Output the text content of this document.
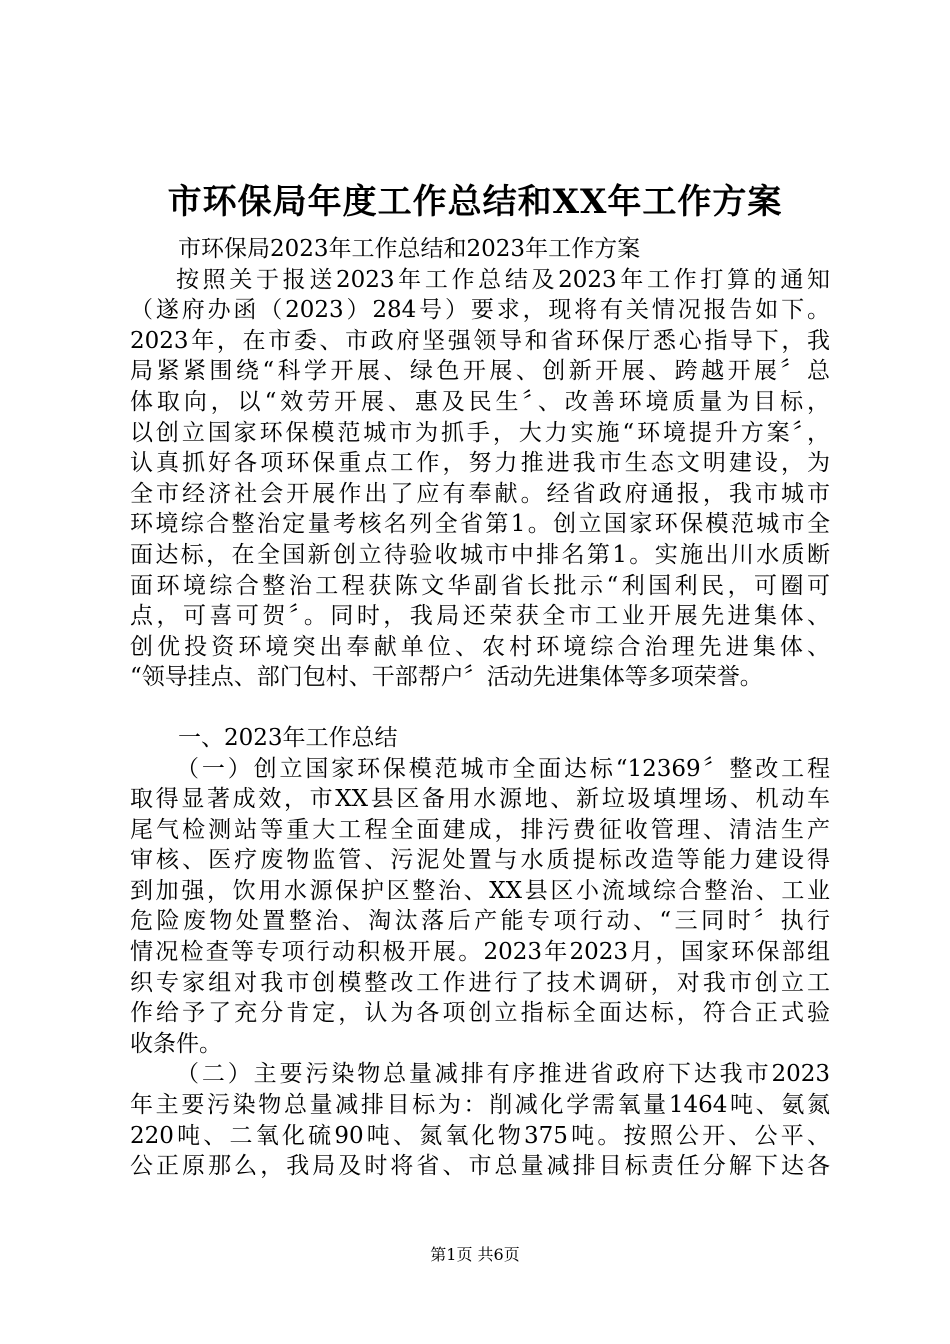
市环保局年度工作总结和XX年工作方案
市环保局2023年工作总结和2023年工作方案
按照关于报送2023年工作总结及2023年工作打算的通知
（遂府办函（2023）284号）要求，现将有关情况报告如下。
2023年，在市委、市政府坚强领导和省环保厅悉心指导下，我
局紧紧围绕“科学开展、绿色开展、创新开展、跨越开展〞总
体取向，以“效劳开展、惠及民生〞、改善环境质量为目标，
以创立国家环保模范城市为抓手，大力实施“环境提升方案〞，
认真抓好各项环保重点工作，努力推进我市生态文明建设，为
全市经济社会开展作出了应有奉献。经省政府通报，我市城市
环境综合整治定量考核名列全省第1。创立国家环保模范城市全
面达标，在全国新创立待验收城市中排名第1。实施出川水质断
面环境综合整治工程获陈文华副省长批示“利国利民，可圈可
点，可喜可贺〞。同时，我局还荣获全市工业开展先进集体、
创优投资环境突出奉献单位、农村环境综合治理先进集体、
“领导挂点、部门包村、干部帮户〞活动先进集体等多项荣誉。
一、2023年工作总结
（一）创立国家环保模范城市全面达标“12369〞整改工程
取得显著成效，市XX县区备用水源地、新垃圾填埋场、机动车
尾气检测站等重大工程全面建成，排污费征收管理、清洁生产
审核、医疗废物监管、污泥处置与水质提标改造等能力建设得
到加强，饮用水源保护区整治、XX县区小流域综合整治、工业
危险废物处置整治、淘汰落后产能专项行动、“三同时〞执行
情况检查等专项行动积极开展。2023年2023月，国家环保部组
织专家组对我市创模整改工作进行了技术调研，对我市创立工
作给予了充分肯定，认为各项创立指标全面达标，符合正式验
收条件。
（二）主要污染物总量减排有序推进省政府下达我市2023
年主要污染物总量减排目标为：削减化学需氧量1464吨、氨氮
220吨、二氧化硫90吨、氮氧化物375吨。按照公开、公平、
公正原那么，我局及时将省、市总量减排目标责任分解下达各
第1页 共6页
